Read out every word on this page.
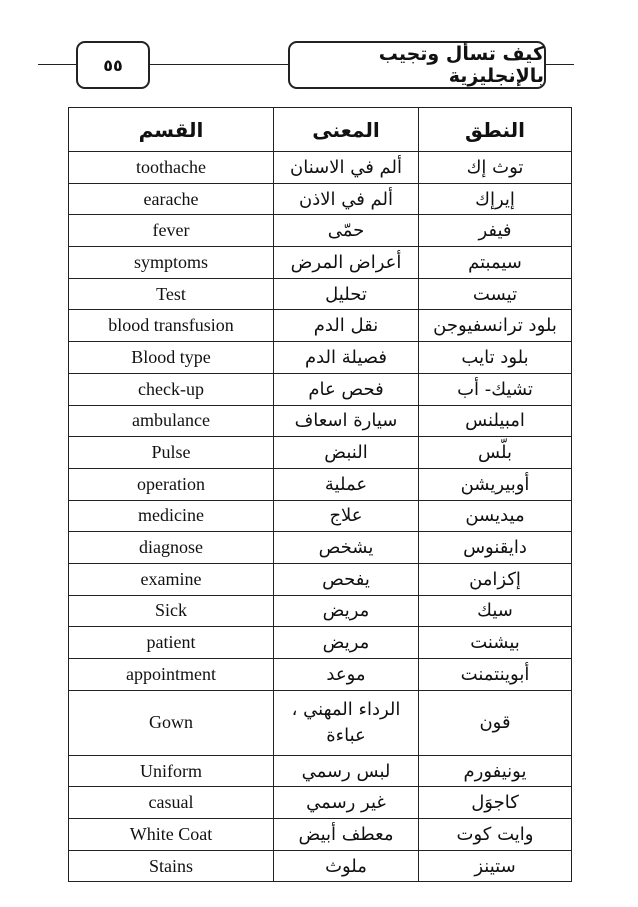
٥٥	كيف تسأل وتجيب بالإنجليزية
القسم	المعنى	النطق
toothache	ألم في الاسنان	توث إك
earache	ألم في الاذن	إيرإك
fever	حمّى	فيفر
symptoms	أعراض المرض	سيمبتم
Test	تحليل	تيست
blood transfusion	نقل الدم	بلود ترانسفيوجن
Blood type	فصيلة الدم	بلود تايب
check-up	فحص عام	تشيك- أب
ambulance	سيارة اسعاف	امبيلنس
Pulse	النبض	بلّس
operation	عملية	أوبيريشن
medicine	علاج	ميديسن
diagnose	يشخص	دايقنوس
examine	يفحص	إكزامن
Sick	مريض	سيك
patient	مريض	بيشنت
appointment	موعد	أبوينتمنت
Gown	الرداء المهني ، عباءة	قون
Uniform	لبس رسمي	يونيفورم
casual	غير رسمي	كاجوَل
White Coat	معطف أبيض	وايت كوت
Stains	ملوث	ستينز
